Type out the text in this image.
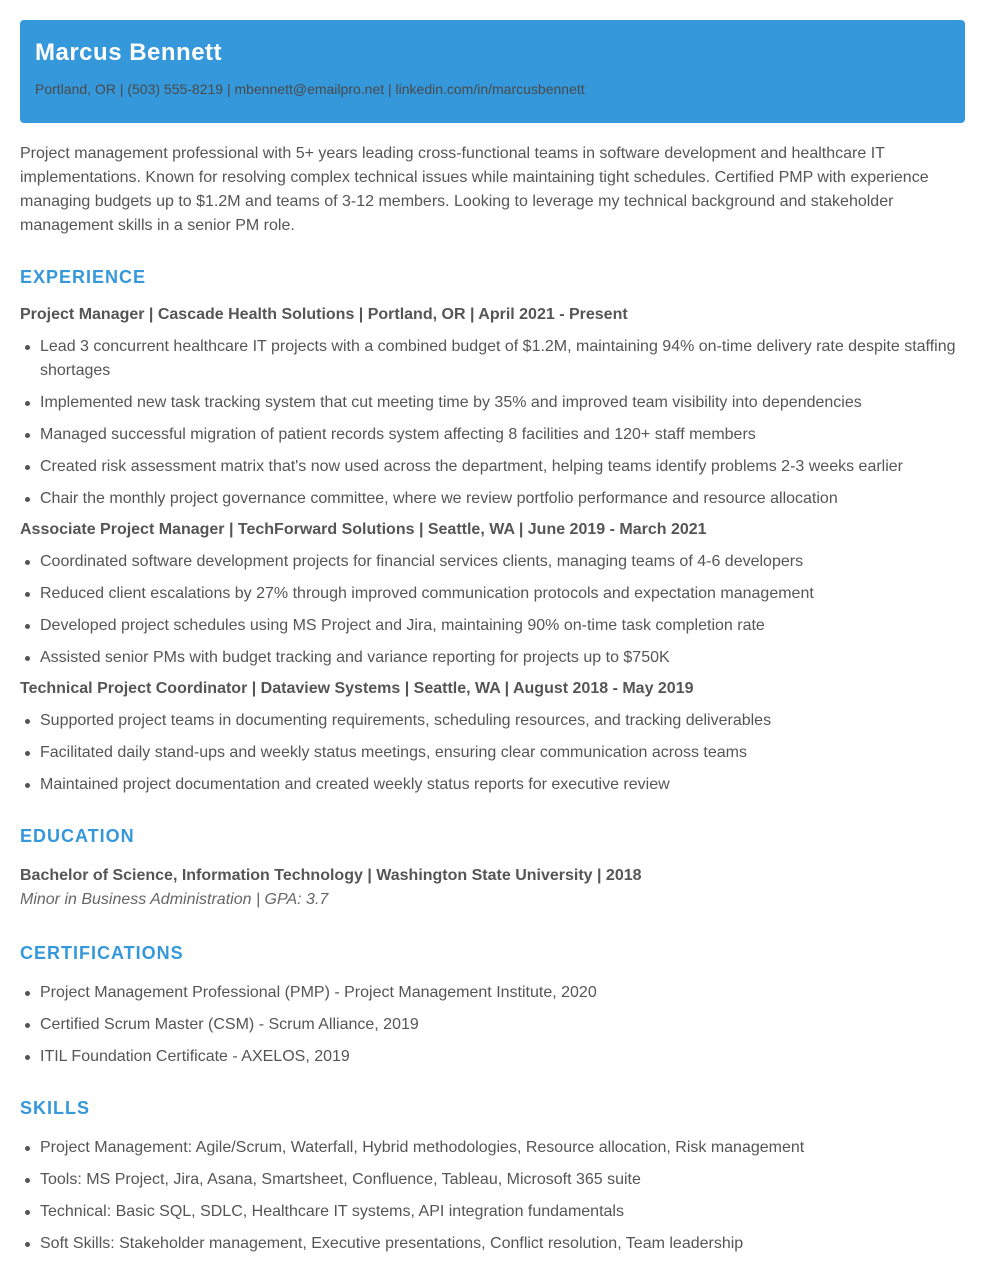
Marcus Bennett
Portland, OR | (503) 555-8219 | mbennett@emailpro.net | linkedin.com/in/marcusbennett

Project management professional with 5+ years leading cross-functional teams in software development and healthcare IT implementations. Known for resolving complex technical issues while maintaining tight schedules. Certified PMP with experience managing budgets up to $1.2M and teams of 3-12 members. Looking to leverage my technical background and stakeholder management skills in a senior PM role.

EXPERIENCE
Project Manager | Cascade Health Solutions | Portland, OR | April 2021 - Present
Lead 3 concurrent healthcare IT projects with a combined budget of $1.2M, maintaining 94% on-time delivery rate despite staffing shortages
Implemented new task tracking system that cut meeting time by 35% and improved team visibility into dependencies
Managed successful migration of patient records system affecting 8 facilities and 120+ staff members
Created risk assessment matrix that's now used across the department, helping teams identify problems 2-3 weeks earlier
Chair the monthly project governance committee, where we review portfolio performance and resource allocation
Associate Project Manager | TechForward Solutions | Seattle, WA | June 2019 - March 2021
Coordinated software development projects for financial services clients, managing teams of 4-6 developers
Reduced client escalations by 27% through improved communication protocols and expectation management
Developed project schedules using MS Project and Jira, maintaining 90% on-time task completion rate
Assisted senior PMs with budget tracking and variance reporting for projects up to $750K
Technical Project Coordinator | Dataview Systems | Seattle, WA | August 2018 - May 2019
Supported project teams in documenting requirements, scheduling resources, and tracking deliverables
Facilitated daily stand-ups and weekly status meetings, ensuring clear communication across teams
Maintained project documentation and created weekly status reports for executive review
EDUCATION
Bachelor of Science, Information Technology | Washington State University | 2018
Minor in Business Administration | GPA: 3.7
CERTIFICATIONS
Project Management Professional (PMP) - Project Management Institute, 2020
Certified Scrum Master (CSM) - Scrum Alliance, 2019
ITIL Foundation Certificate - AXELOS, 2019
SKILLS
Project Management: Agile/Scrum, Waterfall, Hybrid methodologies, Resource allocation, Risk management
Tools: MS Project, Jira, Asana, Smartsheet, Confluence, Tableau, Microsoft 365 suite
Technical: Basic SQL, SDLC, Healthcare IT systems, API integration fundamentals
Soft Skills: Stakeholder management, Executive presentations, Conflict resolution, Team leadership
